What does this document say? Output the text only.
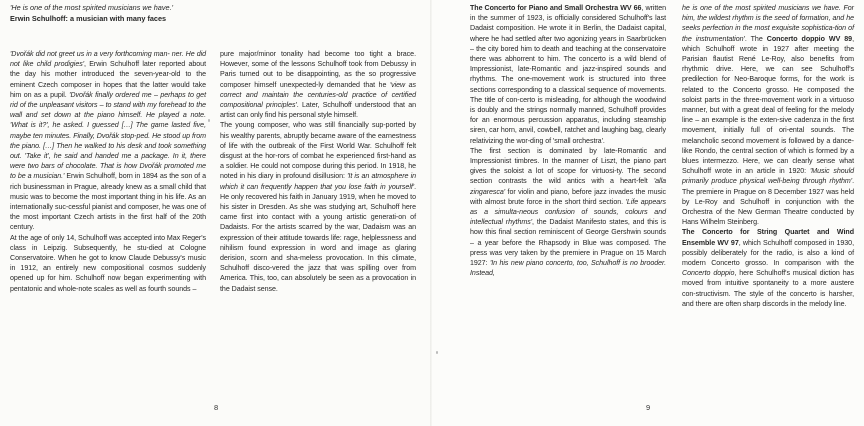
'He is one of the most spirited musicians we have.'
Erwin Schulhoff: a musician with many faces

'Dvořák did not greet us in a very forthcoming man- ner. He did not like child prodigies', Erwin Schulhoff later reported about the day his mother introduced the seven-year-old to the eminent Czech composer in hopes that the latter would take him on as a pupil. 'Dvořák finally ordered me – perhaps to get rid of the unpleasant visitors – to stand with my forehead to the wall and set down at the piano himself. He played a note. 'What is it?', he asked. I guessed […] The game lasted five, maybe ten minutes. Finally, Dvořák stop-ped. He stood up from the piano. […] Then he walked to his desk and took something out. 'Take it', he said and handed me a package. In it, there were two bars of chocolate. That is how Dvořák promoted me to be a musician.' Erwin Schulhoff, born in 1894 as the son of a rich businessman in Prague, already knew as a small child that music was to become the most important thing in his life. As an internationally suc-cessful pianist and composer, he was one of the most important Czech artists in the first half of the 20th century.

At the age of only 14, Schulhoff was accepted into Max Reger's class in Leipzig. Subsequently, he stu-died at Cologne Conservatoire. When he got to know Claude Debussy's music in 1912, an entirely new compositional cosmos suddenly opened up for him. Schulhoff now began experimenting with pentatonic and whole-note scales as well as fourth sounds –

pure major/minor tonality had become too tight a brace. However, some of the lessons Schulhoff took from Debussy in Paris turned out to be disappointing, as the so progressive composer himself unexpected-ly demanded that he 'view as correct and maintain the centuries-old practice of certified compositional principles'. Later, Schulhoff understood that an artist can only find his personal style himself.

The young composer, who was still financially sup-ported by his wealthy parents, abruptly became aware of the earnestness of life with the outbreak of the First World War. Schulhoff felt disgust at the hor-rors of combat he experienced first-hand as a soldier. He could not compose during this period. In 1918, he noted in his diary in profound disillusion: 'It is an atmosphere in which it can frequently happen that you lose faith in yourself'. He only recovered his faith in January 1919, when he moved to his sister in Dresden. As she was studying art, Schulhoff here came first into contact with a young artistic generati-on of Dadaists. For the artists scarred by the war, Dadaism was an expression of their attitude towards life: rage, helplessness and nihilism found expression in word and image as glaring derision, scorn and sha-meless provocation. In this climate, Schulhoff disco-vered the jazz that was spilling over from America. This, too, can absolutely be seen as a provocation in the Dadaist sense.

8

The Concerto for Piano and Small Orchestra WV 66, written in the summer of 1923, is officially considered Schulhoff's last Dadaist composition. He wrote it in Berlin, the Dadaist capital, where he had settled after two agonizing years in Saarbrücken – the city bored him to death and teaching at the conservatoire there was abhorrent to him. The concerto is a wild blend of Impressionist, late-Romantic and jazz-inspired sounds and rhythms. The one-movement work is structured into three sections corresponding to a classical sequence of movements. The title of con-certo is misleading, for although the woodwind is doubly and the strings normally manned, Schulhoff provides for an enormous percussion apparatus, including steamship siren, car horn, anvil, cowbell, ratchet and laughing bag, clearly relativizing the wor-ding of 'small orchestra'.

The first section is dominated by late-Romantic and Impressionist timbres. In the manner of Liszt, the piano part gives the soloist a lot of scope for virtuosi-ty. The second section contrasts the wild antics with a heart-felt 'alla zingaresca' for violin and piano, before jazz invades the music with almost brute force in the short third section. 'Life appears as a simulta-neous confusion of sounds, colours and intellectual rhythms', the Dadaist Manifesto states, and this is how this final section reminiscent of George Gershwin sounds – a year before the Rhapsody in Blue was composed. The press was very taken by the premiere in Prague on 15 March 1927: 'In his new piano concerto, too, Schulhoff is no brooder. Instead,

he is one of the most spirited musicians we have. For him, the wildest rhythm is the seed of formation, and he seeks perfection in the most exquisite sophistica-tion of the instrumentation'. The Concerto doppio WV 89, which Schulhoff wrote in 1927 after meeting the Parisian flautist René Le-Roy, also benefits from rhythmic drive. Here, we can see Schulhoff's predilection for Neo-Baroque forms, for the work is related to the Concerto grosso. He composed the soloist parts in the three-movement work in a virtuoso manner, but with a great deal of feeling for the melody line – an example is the exten-sive cadenza in the first movement, initially full of ori-ental sounds. The melancholic second movement is followed by a dance-like Rondo, the central section of which is formed by a blues intermezzo. Here, we can clearly sense what Schulhoff wrote in an article in 1920: 'Music should primarily produce physical well-being through rhythm'. The premiere in Prague on 8 December 1927 was held by Le-Roy and Schulhoff in conjunction with the Orchestra of the New German Theatre conducted by Hans Wilhelm Steinberg.

The Concerto for String Quartet and Wind Ensemble WV 97, which Schulhoff composed in 1930, possibly deliberately for the radio, is also a kind of modern Concerto grosso. In comparison with the Concerto doppio, here Schulhoff's musical diction has moved from intuitive spontaneity to a more austere con-structivism. The style of the concerto is harsher, and there are often sharp discords in the melody line.

9
